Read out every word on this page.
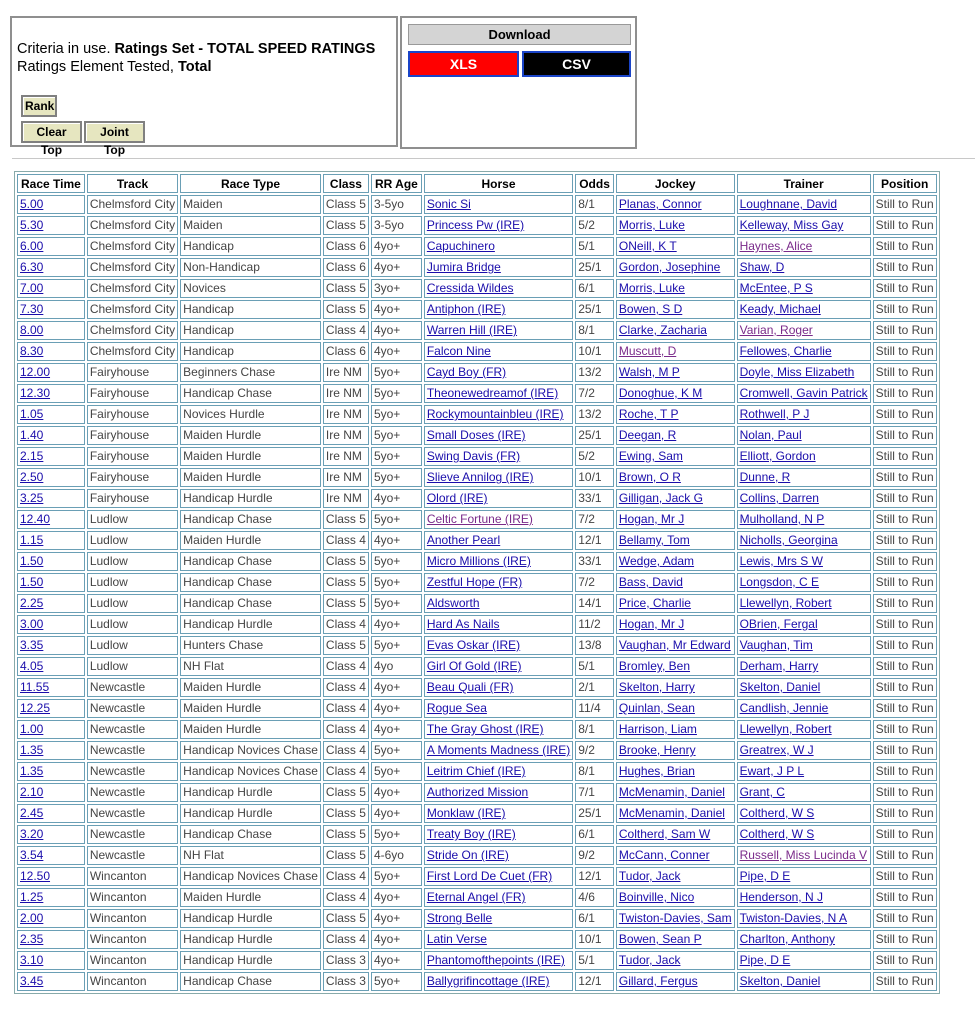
Criteria in use. Ratings Set - TOTAL SPEED RATINGS
Ratings Element Tested, Total
Rank
Clear Top
Joint Top
Download
XLS	CSV
Race Time	Track	Race Type	Class	RR Age	Horse	Odds	Jockey	Trainer	Position
5.00	Chelmsford City	Maiden	Class 5	3-5yo	Sonic Si	8/1	Planas, Connor	Loughnane, David	Still to Run
5.30	Chelmsford City	Maiden	Class 5	3-5yo	Princess Pw (IRE)	5/2	Morris, Luke	Kelleway, Miss Gay	Still to Run
6.00	Chelmsford City	Handicap	Class 6	4yo+	Capuchinero	5/1	ONeill, K T	Haynes, Alice	Still to Run
6.30	Chelmsford City	Non-Handicap	Class 6	4yo+	Jumira Bridge	25/1	Gordon, Josephine	Shaw, D	Still to Run
7.00	Chelmsford City	Novices	Class 5	3yo+	Cressida Wildes	6/1	Morris, Luke	McEntee, P S	Still to Run
7.30	Chelmsford City	Handicap	Class 5	4yo+	Antiphon (IRE)	25/1	Bowen, S D	Keady, Michael	Still to Run
8.00	Chelmsford City	Handicap	Class 4	4yo+	Warren Hill (IRE)	8/1	Clarke, Zacharia	Varian, Roger	Still to Run
8.30	Chelmsford City	Handicap	Class 6	4yo+	Falcon Nine	10/1	Muscutt, D	Fellowes, Charlie	Still to Run
12.00	Fairyhouse	Beginners Chase	Ire NM	5yo+	Cayd Boy (FR)	13/2	Walsh, M P	Doyle, Miss Elizabeth	Still to Run
12.30	Fairyhouse	Handicap Chase	Ire NM	5yo+	Theonewedreamof (IRE)	7/2	Donoghue, K M	Cromwell, Gavin Patrick	Still to Run
1.05	Fairyhouse	Novices Hurdle	Ire NM	5yo+	Rockymountainbleu (IRE)	13/2	Roche, T P	Rothwell, P J	Still to Run
1.40	Fairyhouse	Maiden Hurdle	Ire NM	5yo+	Small Doses (IRE)	25/1	Deegan, R	Nolan, Paul	Still to Run
2.15	Fairyhouse	Maiden Hurdle	Ire NM	5yo+	Swing Davis (FR)	5/2	Ewing, Sam	Elliott, Gordon	Still to Run
2.50	Fairyhouse	Maiden Hurdle	Ire NM	5yo+	Slieve Annilog (IRE)	10/1	Brown, O R	Dunne, R	Still to Run
3.25	Fairyhouse	Handicap Hurdle	Ire NM	4yo+	Olord (IRE)	33/1	Gilligan, Jack G	Collins, Darren	Still to Run
12.40	Ludlow	Handicap Chase	Class 5	5yo+	Celtic Fortune (IRE)	7/2	Hogan, Mr J	Mulholland, N P	Still to Run
1.15	Ludlow	Maiden Hurdle	Class 4	4yo+	Another Pearl	12/1	Bellamy, Tom	Nicholls, Georgina	Still to Run
1.50	Ludlow	Handicap Chase	Class 5	5yo+	Micro Millions (IRE)	33/1	Wedge, Adam	Lewis, Mrs S W	Still to Run
1.50	Ludlow	Handicap Chase	Class 5	5yo+	Zestful Hope (FR)	7/2	Bass, David	Longsdon, C E	Still to Run
2.25	Ludlow	Handicap Chase	Class 5	5yo+	Aldsworth	14/1	Price, Charlie	Llewellyn, Robert	Still to Run
3.00	Ludlow	Handicap Hurdle	Class 4	4yo+	Hard As Nails	11/2	Hogan, Mr J	OBrien, Fergal	Still to Run
3.35	Ludlow	Hunters Chase	Class 5	5yo+	Evas Oskar (IRE)	13/8	Vaughan, Mr Edward	Vaughan, Tim	Still to Run
4.05	Ludlow	NH Flat	Class 4	4yo	Girl Of Gold (IRE)	5/1	Bromley, Ben	Derham, Harry	Still to Run
11.55	Newcastle	Maiden Hurdle	Class 4	4yo+	Beau Quali (FR)	2/1	Skelton, Harry	Skelton, Daniel	Still to Run
12.25	Newcastle	Maiden Hurdle	Class 4	4yo+	Rogue Sea	11/4	Quinlan, Sean	Candlish, Jennie	Still to Run
1.00	Newcastle	Maiden Hurdle	Class 4	4yo+	The Gray Ghost (IRE)	8/1	Harrison, Liam	Llewellyn, Robert	Still to Run
1.35	Newcastle	Handicap Novices Chase	Class 4	5yo+	A Moments Madness (IRE)	9/2	Brooke, Henry	Greatrex, W J	Still to Run
1.35	Newcastle	Handicap Novices Chase	Class 4	5yo+	Leitrim Chief (IRE)	8/1	Hughes, Brian	Ewart, J P L	Still to Run
2.10	Newcastle	Handicap Hurdle	Class 5	4yo+	Authorized Mission	7/1	McMenamin, Daniel	Grant, C	Still to Run
2.45	Newcastle	Handicap Hurdle	Class 5	4yo+	Monklaw (IRE)	25/1	McMenamin, Daniel	Coltherd, W S	Still to Run
3.20	Newcastle	Handicap Chase	Class 5	5yo+	Treaty Boy (IRE)	6/1	Coltherd, Sam W	Coltherd, W S	Still to Run
3.54	Newcastle	NH Flat	Class 5	4-6yo	Stride On (IRE)	9/2	McCann, Conner	Russell, Miss Lucinda V	Still to Run
12.50	Wincanton	Handicap Novices Chase	Class 4	5yo+	First Lord De Cuet (FR)	12/1	Tudor, Jack	Pipe, D E	Still to Run
1.25	Wincanton	Maiden Hurdle	Class 4	4yo+	Eternal Angel (FR)	4/6	Boinville, Nico	Henderson, N J	Still to Run
2.00	Wincanton	Handicap Hurdle	Class 5	4yo+	Strong Belle	6/1	Twiston-Davies, Sam	Twiston-Davies, N A	Still to Run
2.35	Wincanton	Handicap Hurdle	Class 4	4yo+	Latin Verse	10/1	Bowen, Sean P	Charlton, Anthony	Still to Run
3.10	Wincanton	Handicap Hurdle	Class 3	4yo+	Phantomofthepoints (IRE)	5/1	Tudor, Jack	Pipe, D E	Still to Run
3.45	Wincanton	Handicap Chase	Class 3	5yo+	Ballygrifincottage (IRE)	12/1	Gillard, Fergus	Skelton, Daniel	Still to Run
